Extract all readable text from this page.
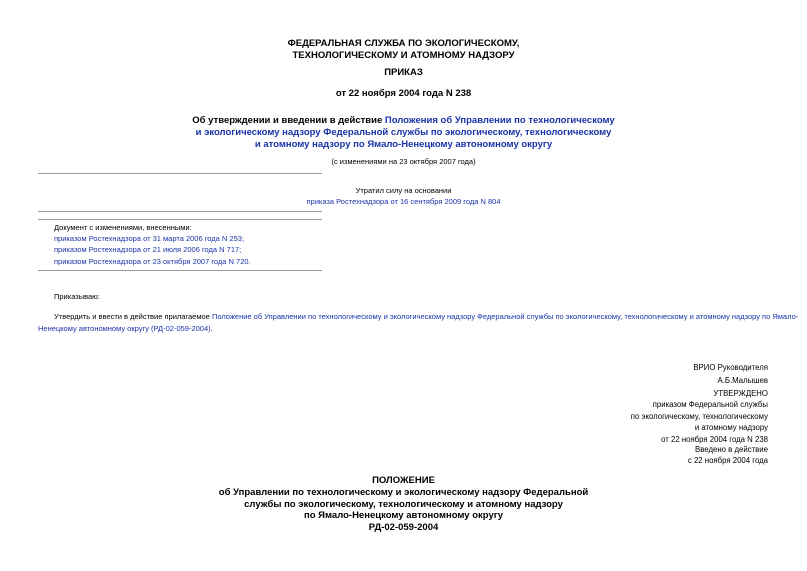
ФЕДЕРАЛЬНАЯ СЛУЖБА ПО ЭКОЛОГИЧЕСКОМУ,
ТЕХНОЛОГИЧЕСКОМУ И АТОМНОМУ НАДЗОРУ
ПРИКАЗ
от 22 ноября 2004 года N 238
Об утверждении и введении в действие Положения об Управлении по технологическому
и экологическому надзору Федеральной службы по экологическому, технологическому
и атомному надзору по Ямало-Ненецкому автономному округу
(с изменениями на 23 октября 2007 года)
Утратил силу на основании
приказа Ростехнадзора от 16 сентября 2009 года N 804
Документ с изменениями, внесенными:
приказом Ростехнадзора от 31 марта 2006 года N 253;
приказом Ростехнадзора от 21 июля 2006 года N 717;
приказом Ростехнадзора от 23 октября 2007 года N 720.
Приказываю:
Утвердить и ввести в действие прилагаемое Положение об Управлении по технологическому и экологическому надзору Федеральной службы по экологическому, технологическому и атомному надзору по Ямало-
Ненецкому автономному округу (РД-02-059-2004).
ВРИО Руководителя
А.Б.Малышев
УТВЕРЖДЕНО
приказом Федеральной службы
по экологическому, технологическому
и атомному надзору
от 22 ноября 2004 года N 238
Введено в действие
с 22 ноября 2004 года
ПОЛОЖЕНИЕ
об Управлении по технологическому и экологическому надзору Федеральной
службы по экологическому, технологическому и атомному надзору
по Ямало-Ненецкому автономному округу
РД-02-059-2004
